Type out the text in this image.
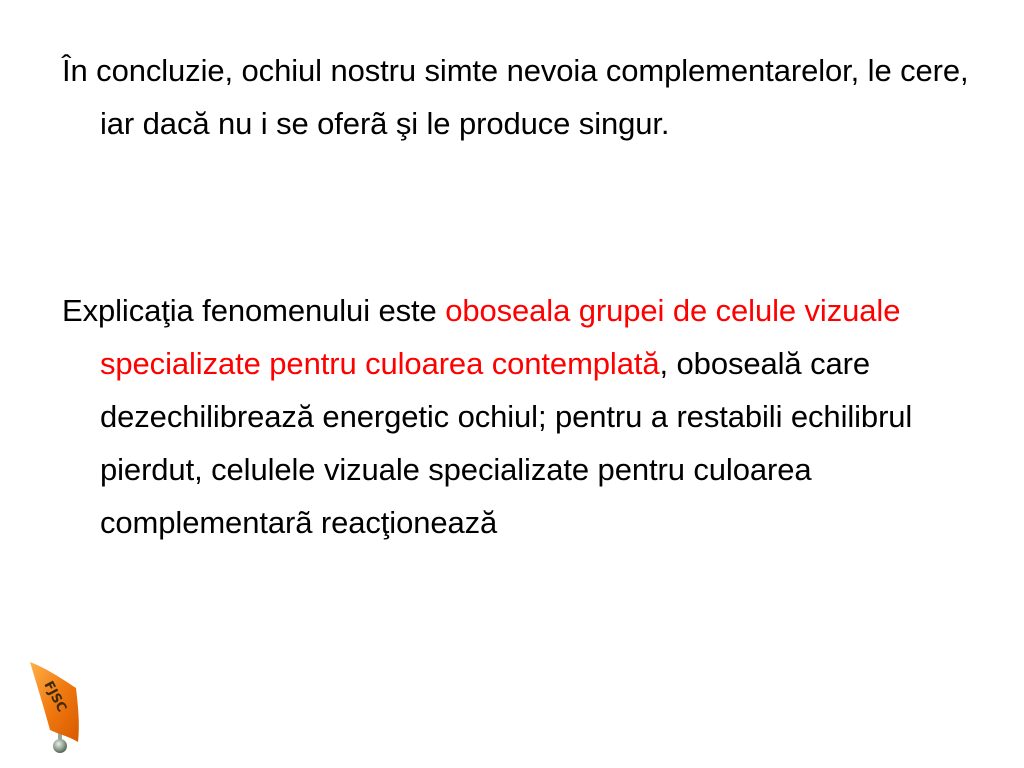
În concluzie, ochiul nostru simte nevoia complementarelor, le cere, iar dacă nu i se oferã şi le produce singur.

Explicaţia fenomenului este oboseala grupei de celule vizuale specializate pentru culoarea contemplată, oboseală care dezechilibrează energetic ochiul; pentru a restabili echilibrul pierdut, celulele vizuale specializate pentru culoarea complementarã reacţionează

FJSC
